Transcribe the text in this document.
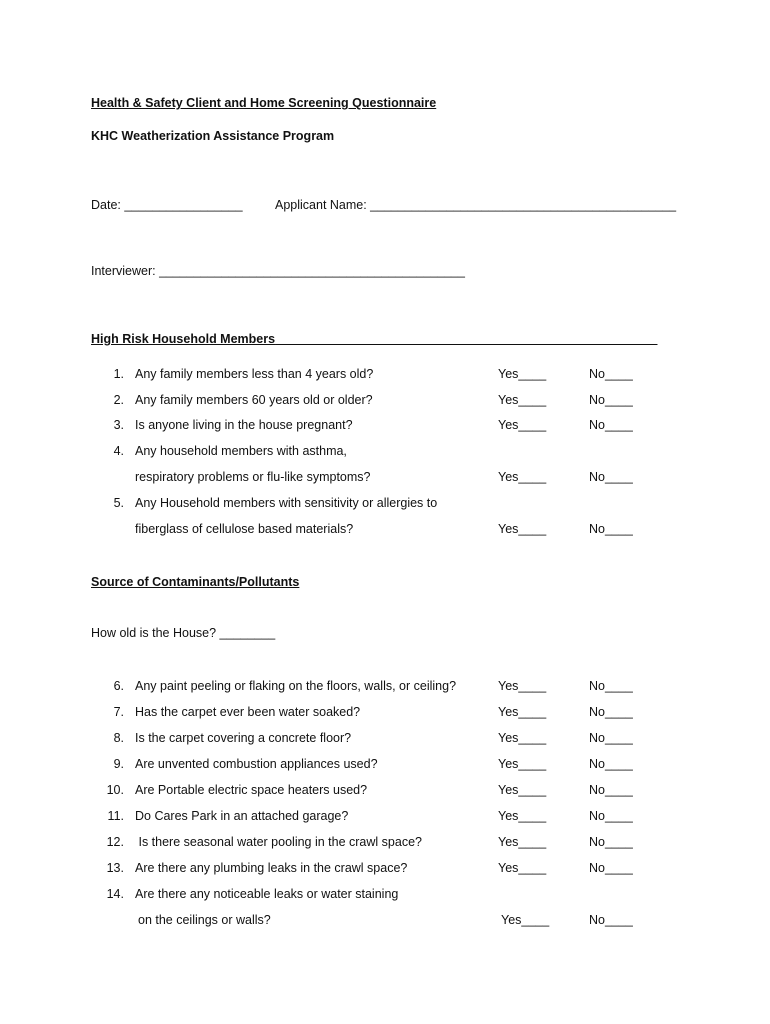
Health & Safety Client and Home Screening Questionnaire
KHC Weatherization Assistance Program
Date: _________________	Applicant Name: ____________________________________________
Interviewer: ____________________________________________
High Risk Household Members_______________________________________________________
1. Any family members less than 4 years old?	Yes____	No____
2. Any family members 60 years old or older?	Yes____	No____
3. Is anyone living in the house pregnant?	Yes____	No____
4. Any household members with asthma,
respiratory problems or flu-like symptoms?	Yes____	No____
5. Any Household members with sensitivity or allergies to
fiberglass of cellulose based materials?	Yes____	No____
Source of Contaminants/Pollutants
How old is the House? ________
6. Any paint peeling or flaking on the floors, walls, or ceiling?	Yes____	No____
7. Has the carpet ever been water soaked?	Yes____	No____
8. Is the carpet covering a concrete floor?	Yes____	No____
9. Are unvented combustion appliances used?	Yes____	No____
10. Are Portable electric space heaters used?	Yes____	No____
11. Do Cares Park in an attached garage?	Yes____	No____
12. Is there seasonal water pooling in the crawl space?	Yes____	No____
13. Are there any plumbing leaks in the crawl space?	Yes____	No____
14. Are there any noticeable leaks or water staining
on the ceilings or walls?	Yes____	No____
